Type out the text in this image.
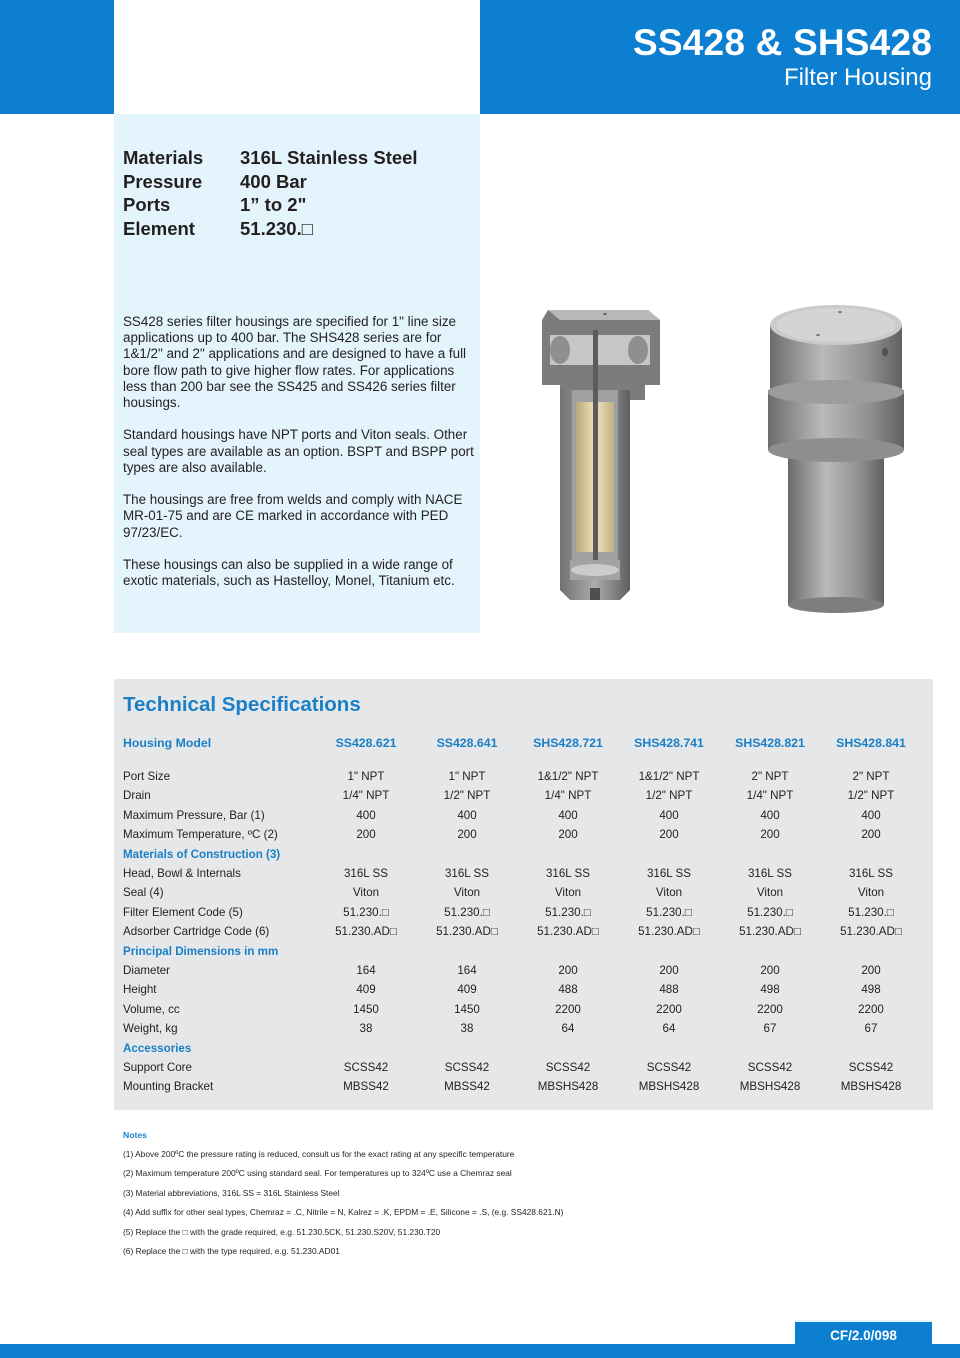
SS428 & SHS428
Filter Housing
Materials	316L Stainless Steel
Pressure	400 Bar
Ports	1” to 2"
Element	51.230.□

SS428 series filter housings are specified for 1" line size applications up to 400 bar. The SHS428 series are for 1&1/2" and 2" applications and are designed to have a full bore flow path to give higher flow rates. For applications less than 200 bar see the SS425 and SS426 series filter housings.

Standard housings have NPT ports and Viton seals. Other seal types are available as an option. BSPT and BSPP port types are also available.

The housings are free from welds and comply with NACE MR-01-75 and are CE marked in accordance with PED 97/23/EC.

These housings can also be supplied in a wide range of exotic materials, such as Hastelloy, Monel, Titanium etc.

Technical Specifications
Housing Model	SS428.621	SS428.641	SHS428.721	SHS428.741	SHS428.821	SHS428.841
Port Size	1" NPT	1" NPT	1&1/2" NPT	1&1/2" NPT	2" NPT	2" NPT
Drain	1/4" NPT	1/2" NPT	1/4" NPT	1/2" NPT	1/4" NPT	1/2" NPT
Maximum Pressure, Bar (1)	400	400	400	400	400	400
Maximum Temperature, ºC (2)	200	200	200	200	200	200
Materials of Construction (3)
Head, Bowl & Internals	316L SS	316L SS	316L SS	316L SS	316L SS	316L SS
Seal (4)	Viton	Viton	Viton	Viton	Viton	Viton
Filter Element Code (5)	51.230.□	51.230.□	51.230.□	51.230.□	51.230.□	51.230.□
Adsorber Cartridge Code (6)	51.230.AD□	51.230.AD□	51.230.AD□	51.230.AD□	51.230.AD□	51.230.AD□
Principal Dimensions in mm
Diameter	164	164	200	200	200	200
Height	409	409	488	488	498	498
Volume, cc	1450	1450	2200	2200	2200	2200
Weight, kg	38	38	64	64	67	67
Accessories
Support Core	SCSS42	SCSS42	SCSS42	SCSS42	SCSS42	SCSS42
Mounting Bracket	MBSS42	MBSS42	MBSHS428	MBSHS428	MBSHS428	MBSHS428
Notes
(1) Above 200ºC the pressure rating is reduced, consult us for the exact rating at any specific temperature
(2) Maximum temperature 200ºC using standard seal. For temperatures up to 324ºC use a Chemraz seal
(3) Material abbreviations, 316L SS = 316L Stainless Steel
(4) Add suffix for other seal types, Chemraz = .C, Nitrile = N, Kalrez = .K, EPDM = .E, Silicone = .S, (e.g. SS428.621.N)
(5) Replace the □ with the grade required, e.g. 51.230.5CK, 51.230.S20V, 51.230.T20
(6) Replace the □ with the type required, e.g. 51.230.AD01
CF/2.0/098
